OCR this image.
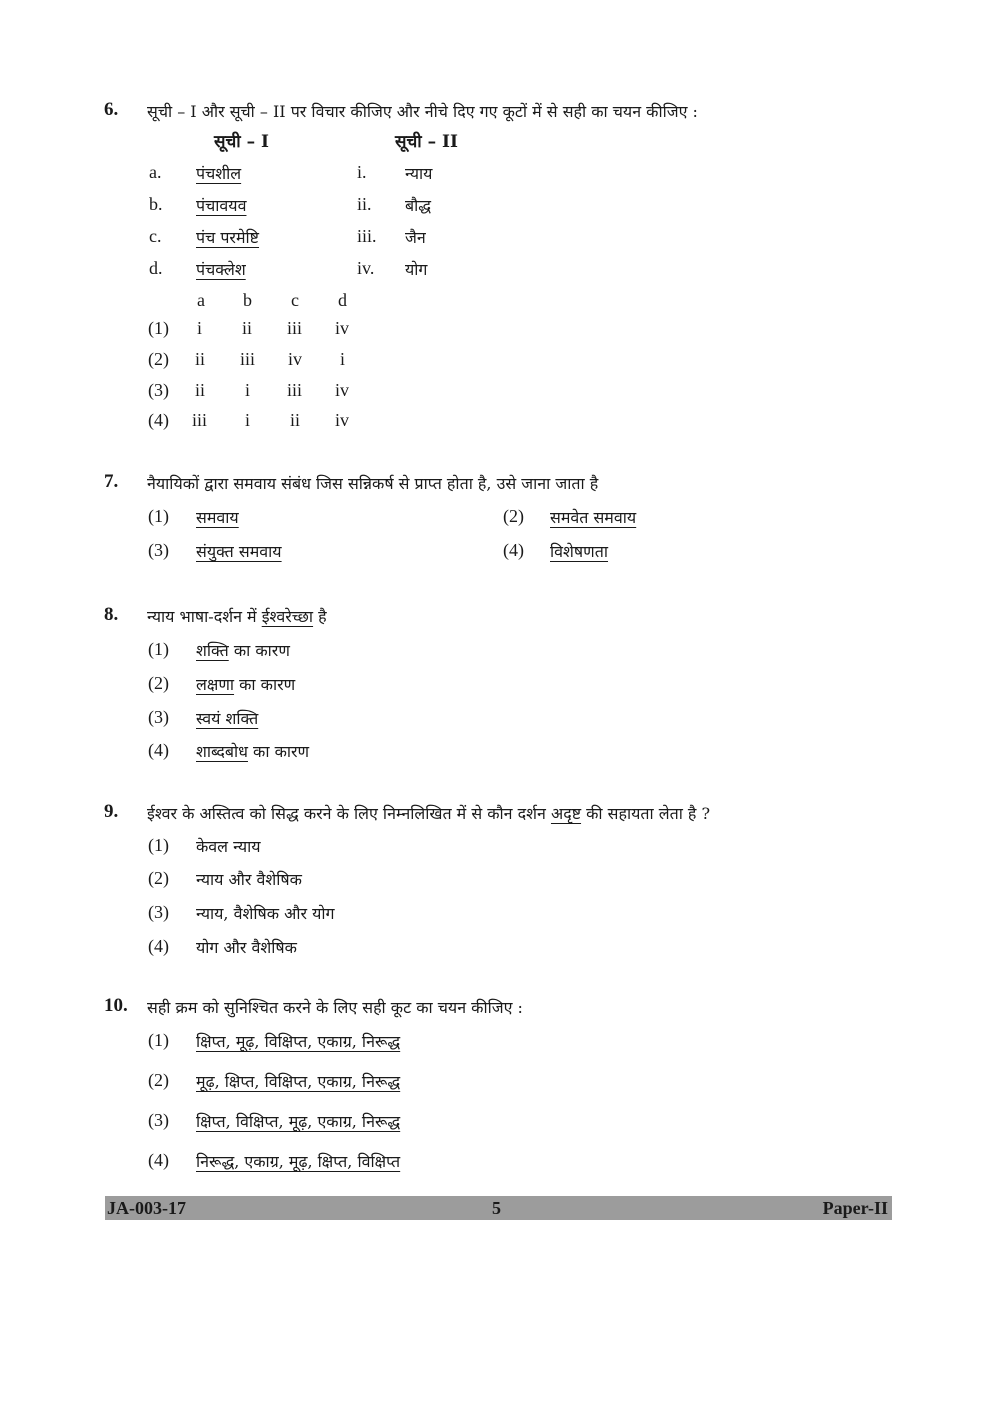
6. सूची – I और सूची – II पर विचार कीजिए और नीचे दिए गए कूटों में से सही का चयन कीजिए :
सूची – I	सूची – II
a. पंचशील	i. न्याय
b. पंचावयव	ii. बौद्ध
c. पंच परमेष्टि	iii. जैन
d. पंचक्लेश	iv. योग
a b c d
(1) i ii iii iv
(2) ii iii iv i
(3) ii i iii iv
(4) iii i ii iv
7. नैयायिकों द्वारा समवाय संबंध जिस सन्निकर्ष से प्राप्त होता है, उसे जाना जाता है
(1) समवाय	(2) समवेत समवाय
(3) संयुक्त समवाय	(4) विशेषणता
8. न्याय भाषा-दर्शन में ईश्वरेच्छा है
(1) शक्ति का कारण
(2) लक्षणा का कारण
(3) स्वयं शक्ति
(4) शाब्दबोध का कारण
9. ईश्वर के अस्तित्व को सिद्ध करने के लिए निम्नलिखित में से कौन दर्शन अदृष्ट की सहायता लेता है ?
(1) केवल न्याय
(2) न्याय और वैशेषिक
(3) न्याय, वैशेषिक और योग
(4) योग और वैशेषिक
10. सही क्रम को सुनिश्चित करने के लिए सही कूट का चयन कीजिए :
(1) क्षिप्त, मूढ़, विक्षिप्त, एकाग्र, निरूद्ध
(2) मूढ़, क्षिप्त, विक्षिप्त, एकाग्र, निरूद्ध
(3) क्षिप्त, विक्षिप्त, मूढ़, एकाग्र, निरूद्ध
(4) निरूद्ध, एकाग्र, मूढ़, क्षिप्त, विक्षिप्त
JA-003-17	5	Paper-II
